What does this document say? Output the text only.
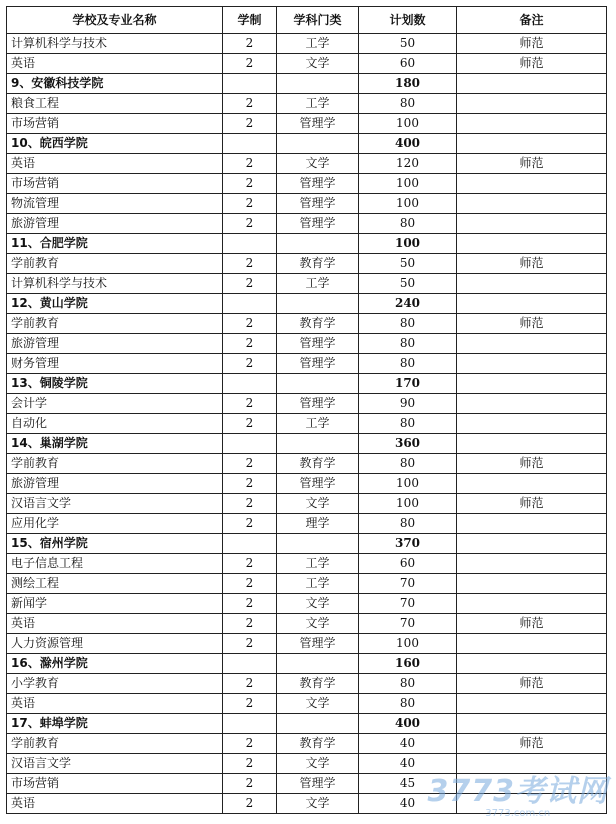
学校及专业名称	学制	学科门类	计划数	备注
计算机科学与技术	2	工学	50	师范
英语	2	文学	60	师范
9、安徽科技学院			180	
粮食工程	2	工学	80	
市场营销	2	管理学	100	
10、皖西学院			400	
英语	2	文学	120	师范
市场营销	2	管理学	100	
物流管理	2	管理学	100	
旅游管理	2	管理学	80	
11、合肥学院			100	
学前教育	2	教育学	50	师范
计算机科学与技术	2	工学	50	
12、黄山学院			240	
学前教育	2	教育学	80	师范
旅游管理	2	管理学	80	
财务管理	2	管理学	80	
13、铜陵学院			170	
会计学	2	管理学	90	
自动化	2	工学	80	
14、巢湖学院			360	
学前教育	2	教育学	80	师范
旅游管理	2	管理学	100	
汉语言文学	2	文学	100	师范
应用化学	2	理学	80	
15、宿州学院			370	
电子信息工程	2	工学	60	
测绘工程	2	工学	70	
新闻学	2	文学	70	
英语	2	文学	70	师范
人力资源管理	2	管理学	100	
16、滁州学院			160	
小学教育	2	教育学	80	师范
英语	2	文学	80	
17、蚌埠学院			400	
学前教育	2	教育学	40	师范
汉语言文学	2	文学	40	
市场营销	2	管理学	45	
英语	2	文学	40	3773考试网
3773.com.cn
